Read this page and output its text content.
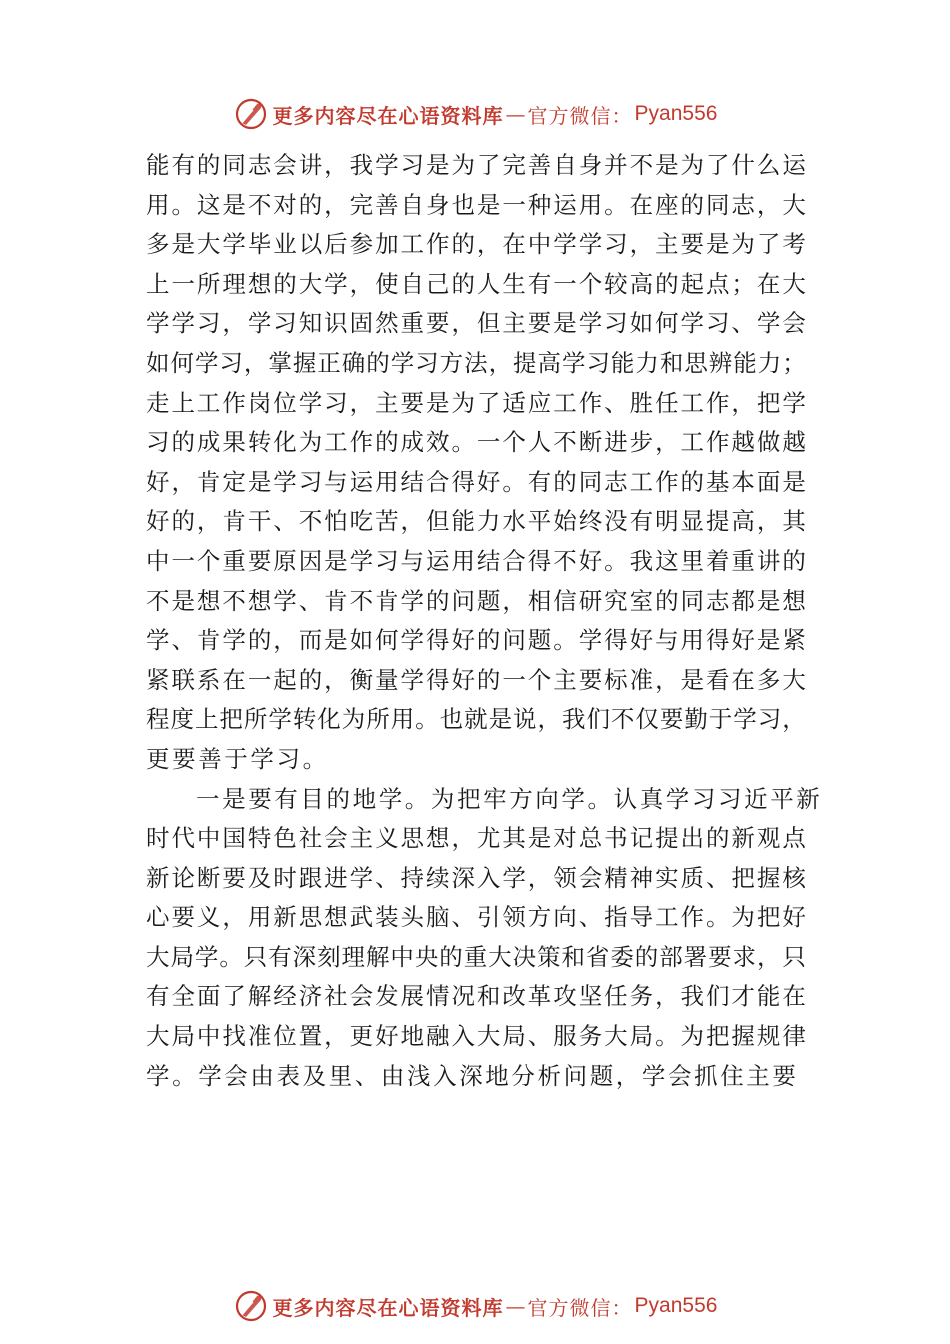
更多内容尽在心语资料库 — 官方微信： Pyan556
能 有 的 同 志 会 讲 ， 我 学 习 是 为 了 完 善 自 身 并 不 是 为 了 什 么 运
用 。 这 是 不 对 的 ， 完 善 自 身 也 是 一 种 运 用 。 在 座 的 同 志 ， 大
多 是 大 学 毕 业 以 后 参 加 工 作 的 ， 在 中 学 学 习 ， 主 要 是 为 了 考
上 一 所 理 想 的 大 学 ， 使 自 己 的 人 生 有 一 个 较 高 的 起 点 ； 在 大
学 学 习 ， 学 习 知 识 固 然 重 要 ， 但 主 要 是 学 习 如 何 学 习 、 学 会
如 何 学 习 ， 掌 握 正 确 的 学 习 方 法 ， 提 高 学 习 能 力 和 思 辨 能 力 ；
走 上 工 作 岗 位 学 习 ， 主 要 是 为 了 适 应 工 作 、 胜 任 工 作 ， 把 学
习 的 成 果 转 化 为 工 作 的 成 效 。 一 个 人 不 断 进 步 ， 工 作 越 做 越
好 ， 肯 定 是 学 习 与 运 用 结 合 得 好 。 有 的 同 志 工 作 的 基 本 面 是
好 的 ， 肯 干 、 不 怕 吃 苦 ， 但 能 力 水 平 始 终 没 有 明 显 提 高 ， 其
中 一 个 重 要 原 因 是 学 习 与 运 用 结 合 得 不 好 。 我 这 里 着 重 讲 的
不 是 想 不 想 学 、 肯 不 肯 学 的 问 题 ， 相 信 研 究 室 的 同 志 都 是 想
学 、 肯 学 的 ， 而 是 如 何 学 得 好 的 问 题 。 学 得 好 与 用 得 好 是 紧
紧 联 系 在 一 起 的 ， 衡 量 学 得 好 的 一 个 主 要 标 准 ， 是 看 在 多 大
程 度 上 把 所 学 转 化 为 所 用 。 也 就 是 说 ， 我 们 不 仅 要 勤 于 学 习 ，
更要善于学习。
一是要有目的地学。为把牢方向学。认真学习习近平新
时 代 中 国 特 色 社 会 主 义 思 想 ， 尤 其 是 对 总 书 记 提 出 的 新 观 点
新 论 断 要 及 时 跟 进 学 、 持 续 深 入 学 ， 领 会 精 神 实 质 、 把 握 核
心 要 义 ， 用 新 思 想 武 装 头 脑 、 引 领 方 向 、 指 导 工 作 。 为 把 好
大 局 学 。 只 有 深 刻 理 解 中 央 的 重 大 决 策 和 省 委 的 部 署 要 求 ， 只
有 全 面 了 解 经 济 社 会 发 展 情 况 和 改 革 攻 坚 任 务 ， 我 们 才 能 在
大 局 中 找 准 位 置 ， 更 好 地 融 入 大 局 、 服 务 大 局 。 为 把 握 规 律
学。学会由表及里、由浅入深地分析问题，学会抓住主要
更多内容尽在心语资料库 — 官方微信： Pyan556
